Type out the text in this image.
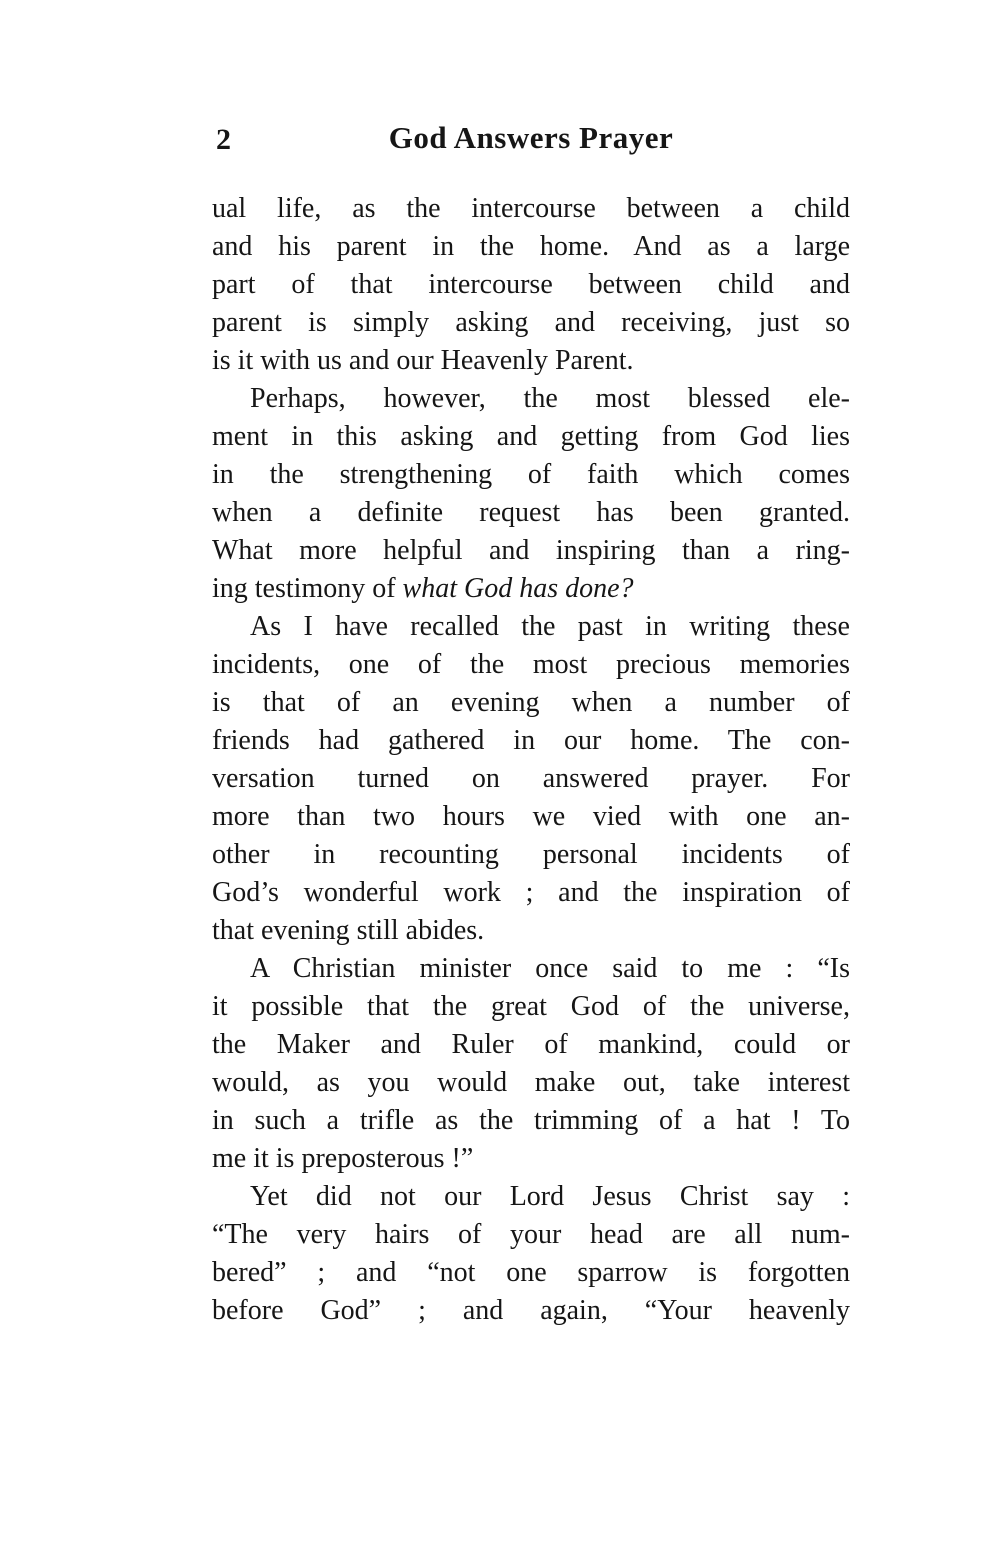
2	God Answers Prayer
ual life, as the intercourse between a child
and his parent in the home. And as a large
part of that intercourse between child and
parent is simply asking and receiving, just so
is it with us and our Heavenly Parent.
Perhaps, however, the most blessed ele-
ment in this asking and getting from God lies
in the strengthening of faith which comes
when a definite request has been granted.
What more helpful and inspiring than a ring-
ing testimony of what God has done?
As I have recalled the past in writing these
incidents, one of the most precious memories
is that of an evening when a number of
friends had gathered in our home. The con-
versation turned on answered prayer. For
more than two hours we vied with one an-
other in recounting personal incidents of
God’s wonderful work ; and the inspiration of
that evening still abides.
A Christian minister once said to me : “Is
it possible that the great God of the universe,
the Maker and Ruler of mankind, could or
would, as you would make out, take interest
in such a trifle as the trimming of a hat ! To
me it is preposterous !”
Yet did not our Lord Jesus Christ say :
“The very hairs of your head are all num-
bered” ; and “not one sparrow is forgotten
before God” ; and again, “Your heavenly
